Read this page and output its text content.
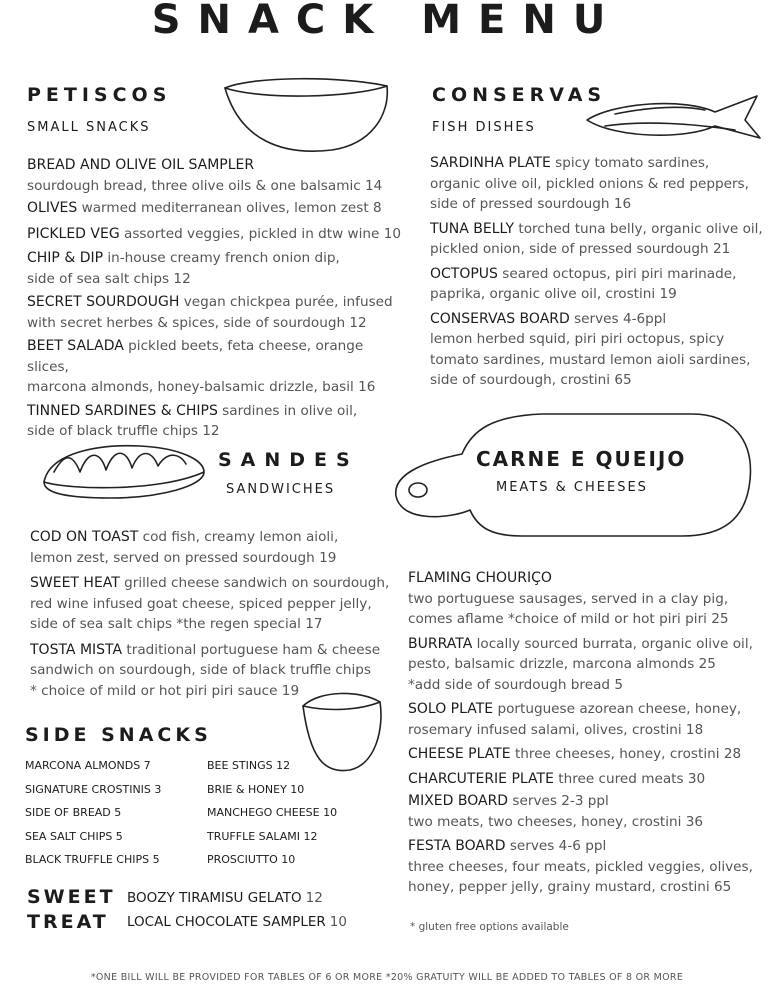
SNACK MENU
PETISCOS
SMALL SNACKS
BREAD AND OLIVE OIL SAMPLER
sourdough bread, three olive oils & one balsamic 14
OLIVES warmed mediterranean olives, lemon zest 8
PICKLED VEG assorted veggies, pickled in dtw wine 10
CHIP & DIP in-house creamy french onion dip,
side of sea salt chips 12
SECRET SOURDOUGH vegan chickpea purée, infused
with secret herbes & spices, side of sourdough 12
BEET SALADA pickled beets, feta cheese, orange slices,
marcona almonds, honey-balsamic drizzle, basil 16
TINNED SARDINES & CHIPS sardines in olive oil,
side of black truffle chips 12
CONSERVAS
FISH DISHES
SARDINHA PLATE spicy tomato sardines,
organic olive oil, pickled onions & red peppers,
side of pressed sourdough 16
TUNA BELLY torched tuna belly, organic olive oil,
pickled onion, side of pressed sourdough 21
OCTOPUS seared octopus, piri piri marinade,
paprika, organic olive oil, crostini 19
CONSERVAS BOARD serves 4-6ppl
lemon herbed squid, piri piri octopus, spicy
tomato sardines, mustard lemon aioli sardines,
side of sourdough, crostini 65
SANDES
SANDWICHES
COD ON TOAST cod fish, creamy lemon aioli,
lemon zest, served on pressed sourdough 19
SWEET HEAT grilled cheese sandwich on sourdough,
red wine infused goat cheese, spiced pepper jelly,
side of sea salt chips *the regen special 17
TOSTA MISTA traditional portuguese ham & cheese
sandwich on sourdough, side of black truffle chips
* choice of mild or hot piri piri sauce 19
CARNE E QUEIJO
MEATS & CHEESES
FLAMING CHOURIÇO
two portuguese sausages, served in a clay pig,
comes aflame *choice of mild or hot piri piri 25
BURRATA locally sourced burrata, organic olive oil,
pesto, balsamic drizzle, marcona almonds 25
*add side of sourdough bread 5
SOLO PLATE portuguese azorean cheese, honey,
rosemary infused salami, olives, crostini 18
CHEESE PLATE three cheeses, honey, crostini 28
CHARCUTERIE PLATE three cured meats 30
MIXED BOARD serves 2-3 ppl
two meats, two cheeses, honey, crostini 36
FESTA BOARD serves 4-6 ppl
three cheeses, four meats, pickled veggies, olives,
honey, pepper jelly, grainy mustard, crostini 65
* gluten free options available
SIDE SNACKS
MARCONA ALMONDS 7
SIGNATURE CROSTINIS 3
SIDE OF BREAD 5
SEA SALT CHIPS 5
BLACK TRUFFLE CHIPS 5
BEE STINGS 12
BRIE & HONEY 10
MANCHEGO CHEESE 10
TRUFFLE SALAMI 12
PROSCIUTTO 10
SWEET
TREAT
BOOZY TIRAMISU GELATO 12
LOCAL CHOCOLATE SAMPLER 10
*ONE BILL WILL BE PROVIDED FOR TABLES OF 6 OR MORE *20% GRATUITY WILL BE ADDED TO TABLES OF 8 OR MORE
